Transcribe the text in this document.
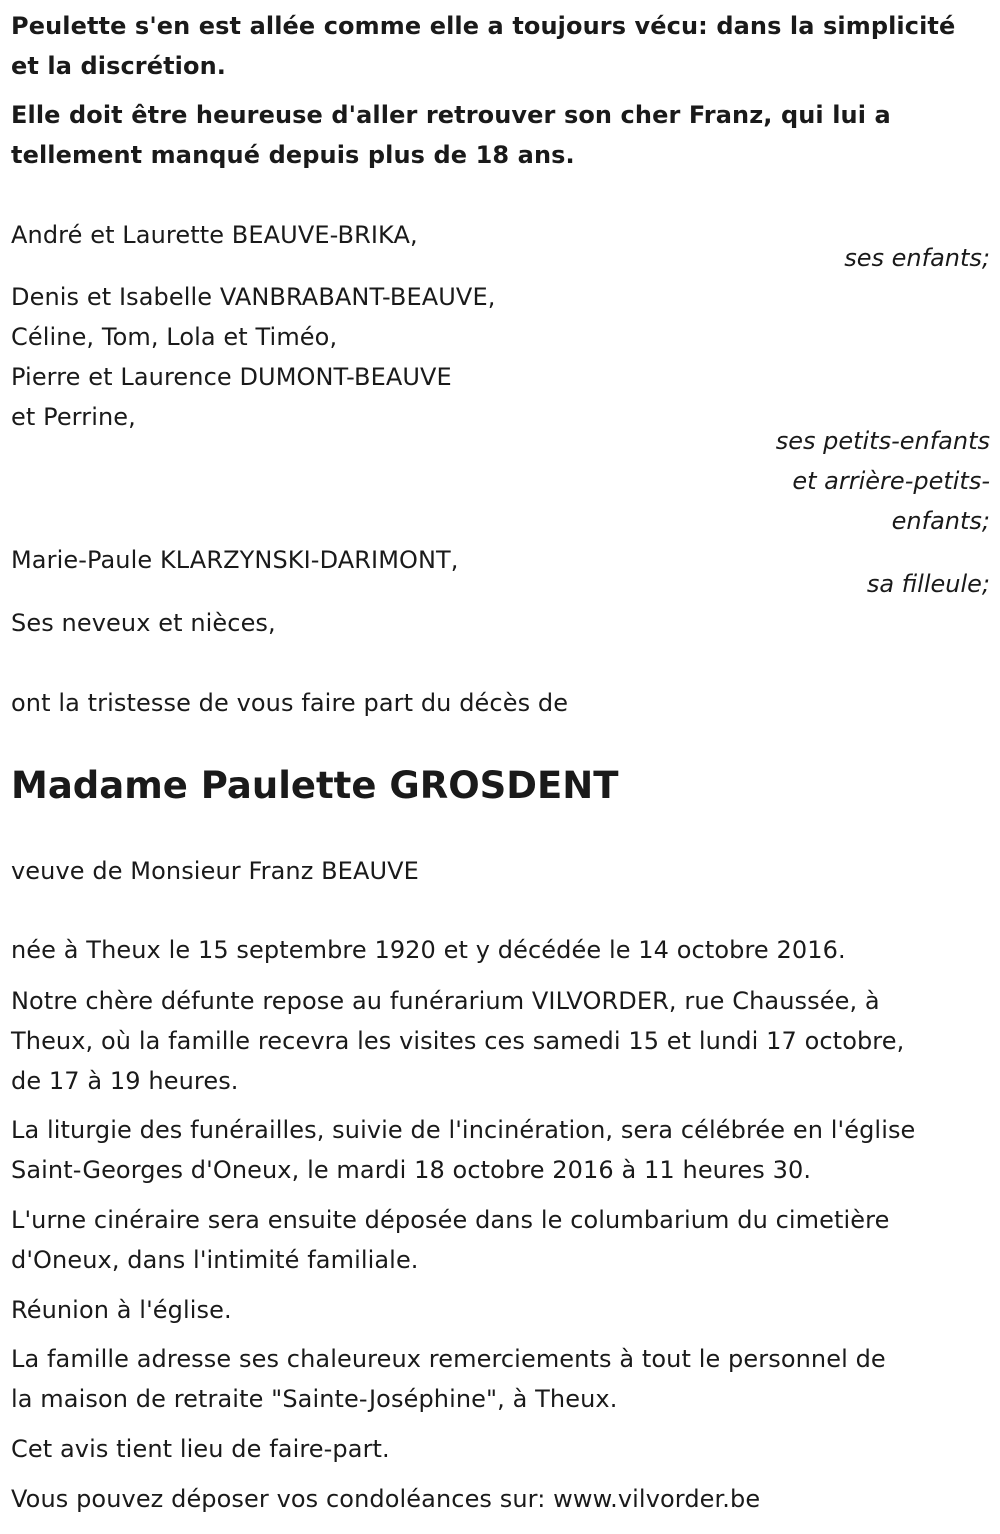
Peulette s'en est allée comme elle a toujours vécu: dans la simplicité
et la discrétion.
Elle doit être heureuse d'aller retrouver son cher Franz, qui lui a
tellement manqué depuis plus de 18 ans.
André et Laurette BEAUVE-BRIKA,
ses enfants;
Denis et Isabelle VANBRABANT-BEAUVE,
Céline, Tom, Lola et Timéo,
Pierre et Laurence DUMONT-BEAUVE
et Perrine,
ses petits-enfants
et arrière-petits-
enfants;
Marie-Paule KLARZYNSKI-DARIMONT,
sa filleule;
Ses neveux et nièces,
ont la tristesse de vous faire part du décès de
Madame Paulette GROSDENT
veuve de Monsieur Franz BEAUVE
née à Theux le 15 septembre 1920 et y décédée le 14 octobre 2016.
Notre chère défunte repose au funérarium VILVORDER, rue Chaussée, à
Theux, où la famille recevra les visites ces samedi 15 et lundi 17 octobre,
de 17 à 19 heures.
La liturgie des funérailles, suivie de l'incinération, sera célébrée en l'église
Saint-Georges d'Oneux, le mardi 18 octobre 2016 à 11 heures 30.
L'urne cinéraire sera ensuite déposée dans le columbarium du cimetière
d'Oneux, dans l'intimité familiale.
Réunion à l'église.
La famille adresse ses chaleureux remerciements à tout le personnel de
la maison de retraite "Sainte-Joséphine", à Theux.
Cet avis tient lieu de faire-part.
Vous pouvez déposer vos condoléances sur: www.vilvorder.be
